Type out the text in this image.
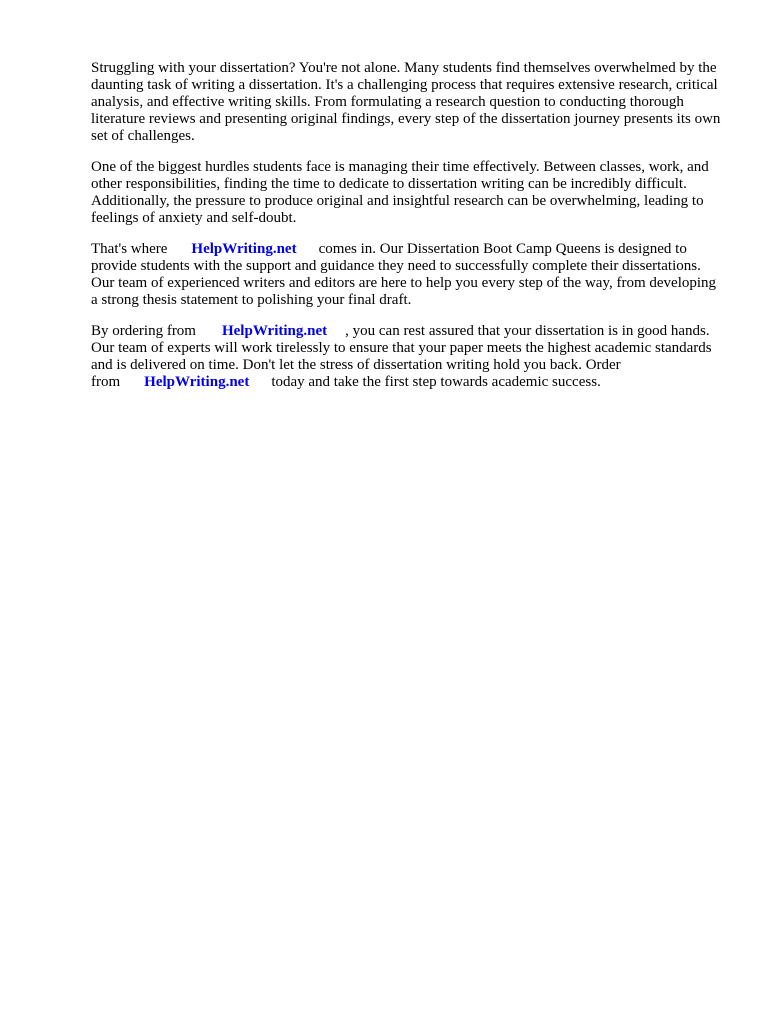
Struggling with your dissertation? You're not alone. Many students find themselves overwhelmed by the daunting task of writing a dissertation. It's a challenging process that requires extensive research, critical analysis, and effective writing skills. From formulating a research question to conducting thorough literature reviews and presenting original findings, every step of the dissertation journey presents its own set of challenges.

One of the biggest hurdles students face is managing their time effectively. Between classes, work, and other responsibilities, finding the time to dedicate to dissertation writing can be incredibly difficult. Additionally, the pressure to produce original and insightful research can be overwhelming, leading to feelings of anxiety and self-doubt.

That's where HelpWriting.net comes in. Our Dissertation Boot Camp Queens is designed to provide students with the support and guidance they need to successfully complete their dissertations. Our team of experienced writers and editors are here to help you every step of the way, from developing a strong thesis statement to polishing your final draft.

By ordering from HelpWriting.net , you can rest assured that your dissertation is in good hands. Our team of experts will work tirelessly to ensure that your paper meets the highest academic standards and is delivered on time. Don't let the stress of dissertation writing hold you back. Order from HelpWriting.net today and take the first step towards academic success.
